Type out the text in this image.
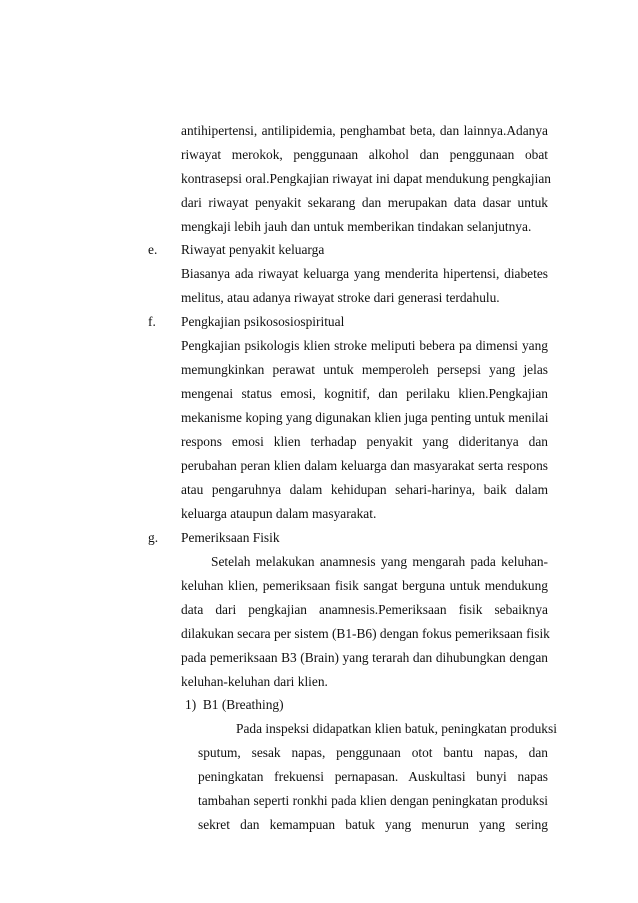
antihipertensi, antilipidemia, penghambat beta, dan lainnya.Adanya
riwayat merokok, penggunaan alkohol dan penggunaan obat
kontrasepsi oral.Pengkajian riwayat ini dapat mendukung pengkajian
dari riwayat penyakit sekarang dan merupakan data dasar untuk
mengkaji lebih jauh dan untuk memberikan tindakan selanjutnya.
e. Riwayat penyakit keluarga
Biasanya ada riwayat keluarga yang menderita hipertensi, diabetes
melitus, atau adanya riwayat stroke dari generasi terdahulu.
f. Pengkajian psikososiospiritual
Pengkajian psikologis klien stroke meliputi bebera pa dimensi yang
memungkinkan perawat untuk memperoleh persepsi yang jelas
mengenai status emosi, kognitif, dan perilaku klien.Pengkajian
mekanisme koping yang digunakan klien juga penting untuk menilai
respons emosi klien terhadap penyakit yang dideritanya dan
perubahan peran klien dalam keluarga dan masyarakat serta respons
atau pengaruhnya dalam kehidupan sehari-harinya, baik dalam
keluarga ataupun dalam masyarakat.
g. Pemeriksaan Fisik
Setelah melakukan anamnesis yang mengarah pada keluhan-
keluhan klien, pemeriksaan fisik sangat berguna untuk mendukung
data dari pengkajian anamnesis.Pemeriksaan fisik sebaiknya
dilakukan secara per sistem (B1-B6) dengan fokus pemeriksaan fisik
pada pemeriksaan B3 (Brain) yang terarah dan dihubungkan dengan
keluhan-keluhan dari klien.
1)  B1 (Breathing)
Pada inspeksi didapatkan klien batuk, peningkatan produksi
sputum, sesak napas, penggunaan otot bantu napas, dan
peningkatan frekuensi pernapasan. Auskultasi bunyi napas
tambahan seperti ronkhi pada klien dengan peningkatan produksi
sekret dan kemampuan batuk yang menurun yang sering
